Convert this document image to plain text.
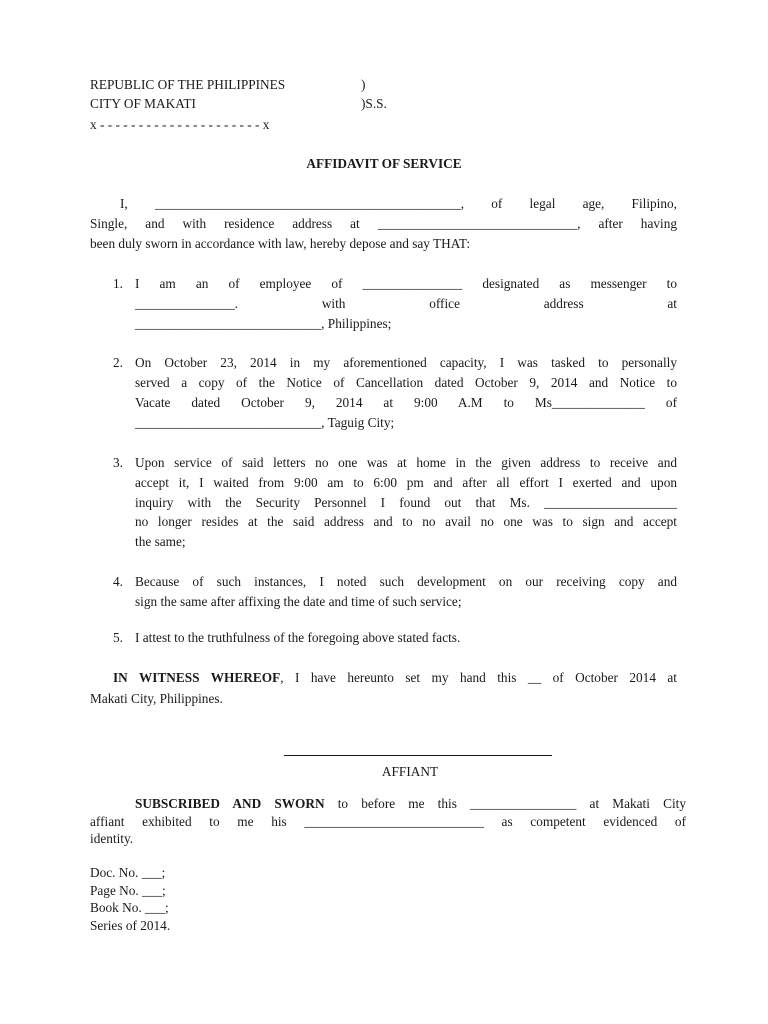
REPUBLIC OF THE PHILIPPINES	)
CITY OF MAKATI	)S.S.
x - - - - - - - - - - - - - - - - - - - - - x
AFFIDAVIT OF SERVICE
I, ______________________________________________, of legal age, Filipino,
Single, and with residence address at ______________________________, after having
been duly sworn in accordance with law, hereby depose and say THAT:
1. I am an of employee of _______________ designated as messenger to
_______________. with office address at
____________________________, Philippines;
2. On October 23, 2014 in my aforementioned capacity, I was tasked to personally
served a copy of the Notice of Cancellation dated October 9, 2014 and Notice to
Vacate dated October 9, 2014 at 9:00 A.M to Ms______________ of
____________________________, Taguig City;
3. Upon service of said letters no one was at home in the given address to receive and
accept it, I waited from 9:00 am to 6:00 pm and after all effort I exerted and upon
inquiry with the Security Personnel I found out that Ms. ____________________
no longer resides at the said address and to no avail no one was to sign and accept
the same;
4. Because of such instances, I noted such development on our receiving copy and
sign the same after affixing the date and time of such service;
5. I attest to the truthfulness of the foregoing above stated facts.
IN WITNESS WHEREOF, I have hereunto set my hand this __ of October 2014 at
Makati City, Philippines.
AFFIANT
SUBSCRIBED AND SWORN to before me this ________________ at Makati City
affiant exhibited to me his ___________________________ as competent evidenced of
identity.
Doc. No. ___;
Page No. ___;
Book No. ___;
Series of 2014.
